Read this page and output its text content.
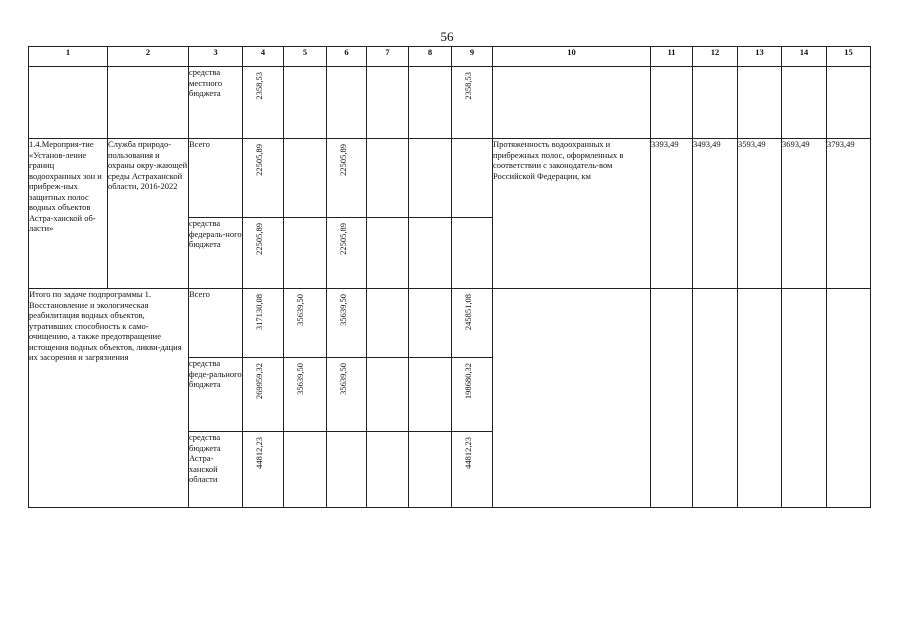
56
1	2	3	4	5	6	7	8	9	10	11	12	13	14	15
		средства местного бюджета	2358,53					2358,53						

1.4.Мероприя-тие «Установ-ление границ водоохранных зон и прибреж-ных защитных полос водных объектов Астра-ханской об-ласти»	Служба природо-пользования и охраны окру-жающей среды Астраханской области, 2016-2022	Всего	22505,89		22505,89				Протяженность водоохранных и прибрежных полос, оформленных в соответствии с законодатель-вом Российской Федерации, км	3393,49	3493,49	3593,49	3693,49	3793,49
		средства федераль-ного бюджета	22505,89		22505,89									

Итого по задаче подпрограммы 1. Восстановление и экологическая реабилитация водных объектов, утративших способность к само-очищению, а также предотвращение истощения водных объектов, ликви-дация их засорения и загрязнения		Всего	317130,08	35639,50	35639,50			245851,08						

		средства феде-рального бюджета	269959,32	35639,50	35639,50			198680,32						

		средства бюджета Астра-ханской области	44812,23					44812,23						
